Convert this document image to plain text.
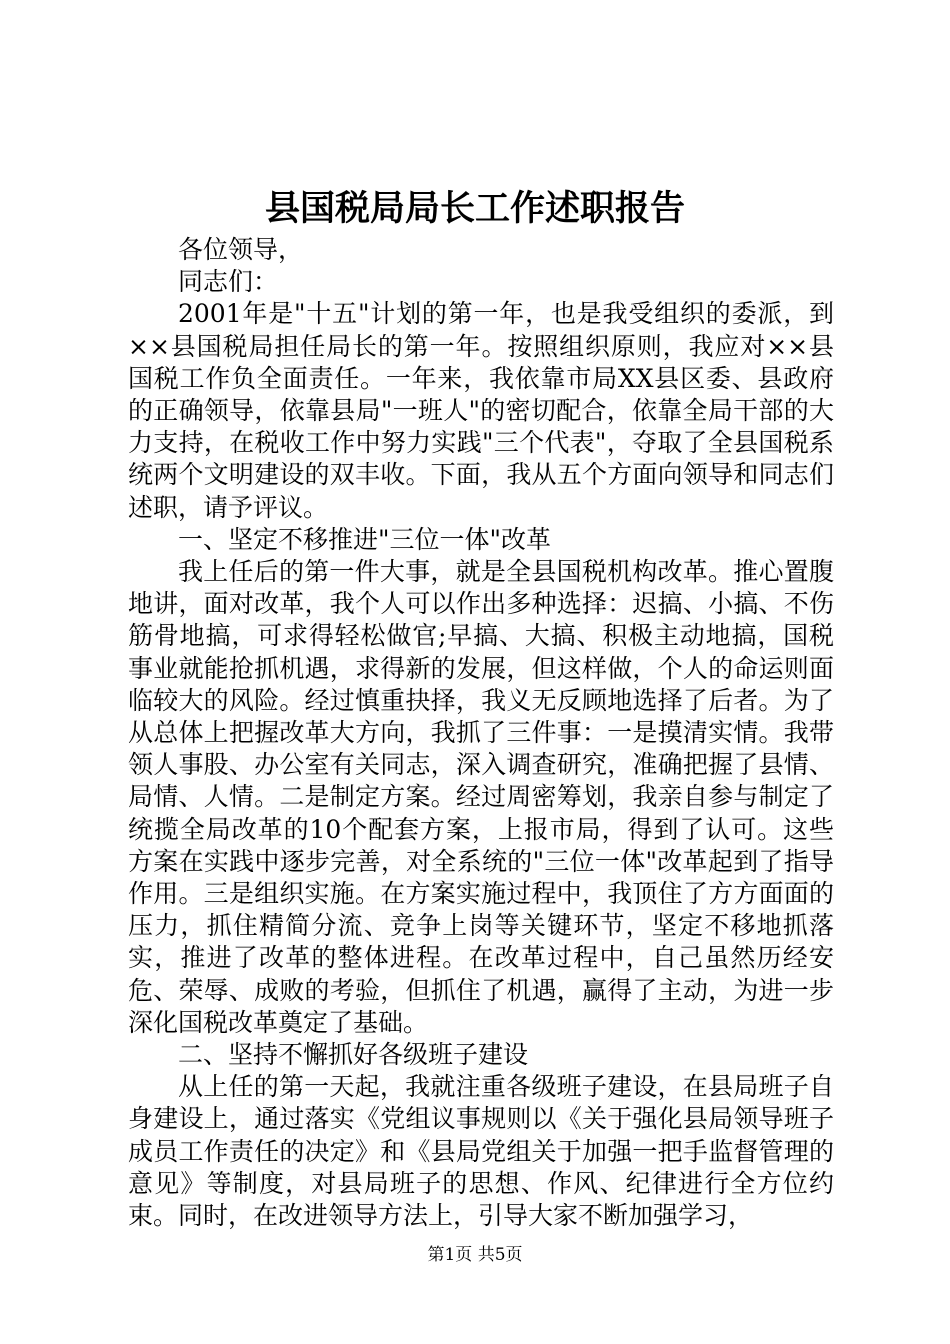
县国税局局长工作述职报告

各位领导，

同志们：

2001年是"十五"计划的第一年，也是我受组织的委派，到××县国税局担任局长的第一年。按照组织原则，我应对××县国税工作负全面责任。一年来，我依靠市局XX县区委、县政府的正确领导，依靠县局"一班人"的密切配合，依靠全局干部的大力支持，在税收工作中努力实践"三个代表"，夺取了全县国税系统两个文明建设的双丰收。下面，我从五个方面向领导和同志们述职，请予评议。

一、坚定不移推进"三位一体"改革

我上任后的第一件大事，就是全县国税机构改革。推心置腹地讲，面对改革，我个人可以作出多种选择：迟搞、小搞、不伤筋骨地搞，可求得轻松做官;早搞、大搞、积极主动地搞，国税事业就能抢抓机遇，求得新的发展，但这样做，个人的命运则面临较大的风险。经过慎重抉择，我义无反顾地选择了后者。为了从总体上把握改革大方向，我抓了三件事：一是摸清实情。我带领人事股、办公室有关同志，深入调查研究，准确把握了县情、局情、人情。二是制定方案。经过周密筹划，我亲自参与制定了统揽全局改革的10个配套方案，上报市局，得到了认可。这些方案在实践中逐步完善，对全系统的"三位一体"改革起到了指导作用。三是组织实施。在方案实施过程中，我顶住了方方面面的压力，抓住精简分流、竞争上岗等关键环节，坚定不移地抓落实，推进了改革的整体进程。在改革过程中，自己虽然历经安危、荣辱、成败的考验，但抓住了机遇，赢得了主动，为进一步深化国税改革奠定了基础。

二、坚持不懈抓好各级班子建设

从上任的第一天起，我就注重各级班子建设，在县局班子自身建设上，通过落实《党组议事规则以《关于强化县局领导班子成员工作责任的决定》和《县局党组关于加强一把手监督管理的意见》等制度，对县局班子的思想、作风、纪律进行全方位约束。同时，在改进领导方法上，引导大家不断加强学习，

第1页 共5页
